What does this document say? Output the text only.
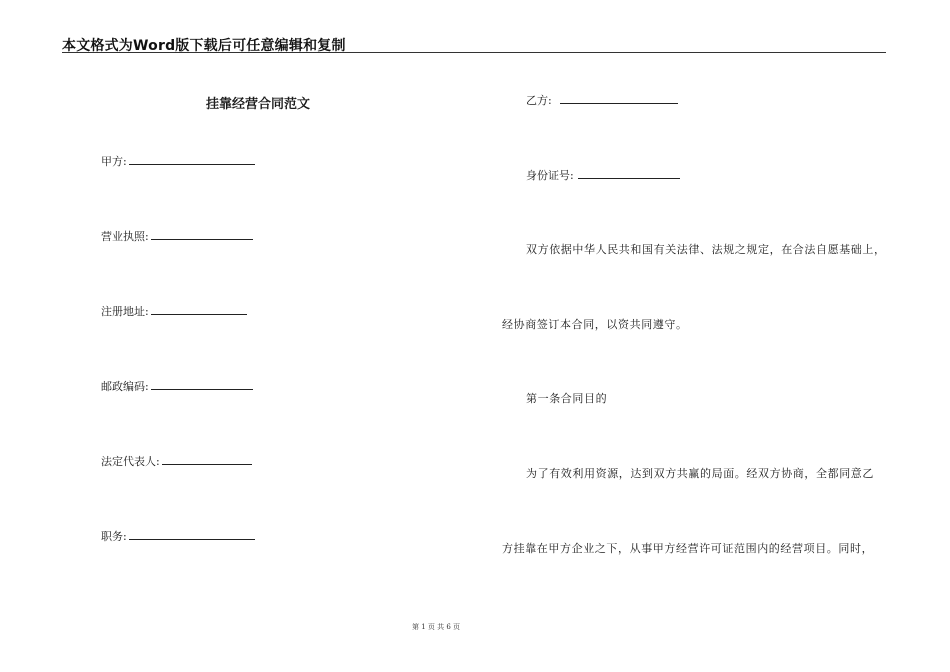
本文格式为Word版下载后可任意编辑和复制
挂靠经营合同范文
甲方:
营业执照:
注册地址:
邮政编码:
法定代表人:
职务:
乙方:
身份证号:
双方依据中华人民共和国有关法律、法规之规定，在合法自愿基础上，
经协商签订本合同，以资共同遵守。
第一条合同目的
为了有效利用资源，达到双方共赢的局面。经双方协商，全都同意乙
方挂靠在甲方企业之下，从事甲方经营许可证范围内的经营项目。同时，
第 1 页 共 6 页
